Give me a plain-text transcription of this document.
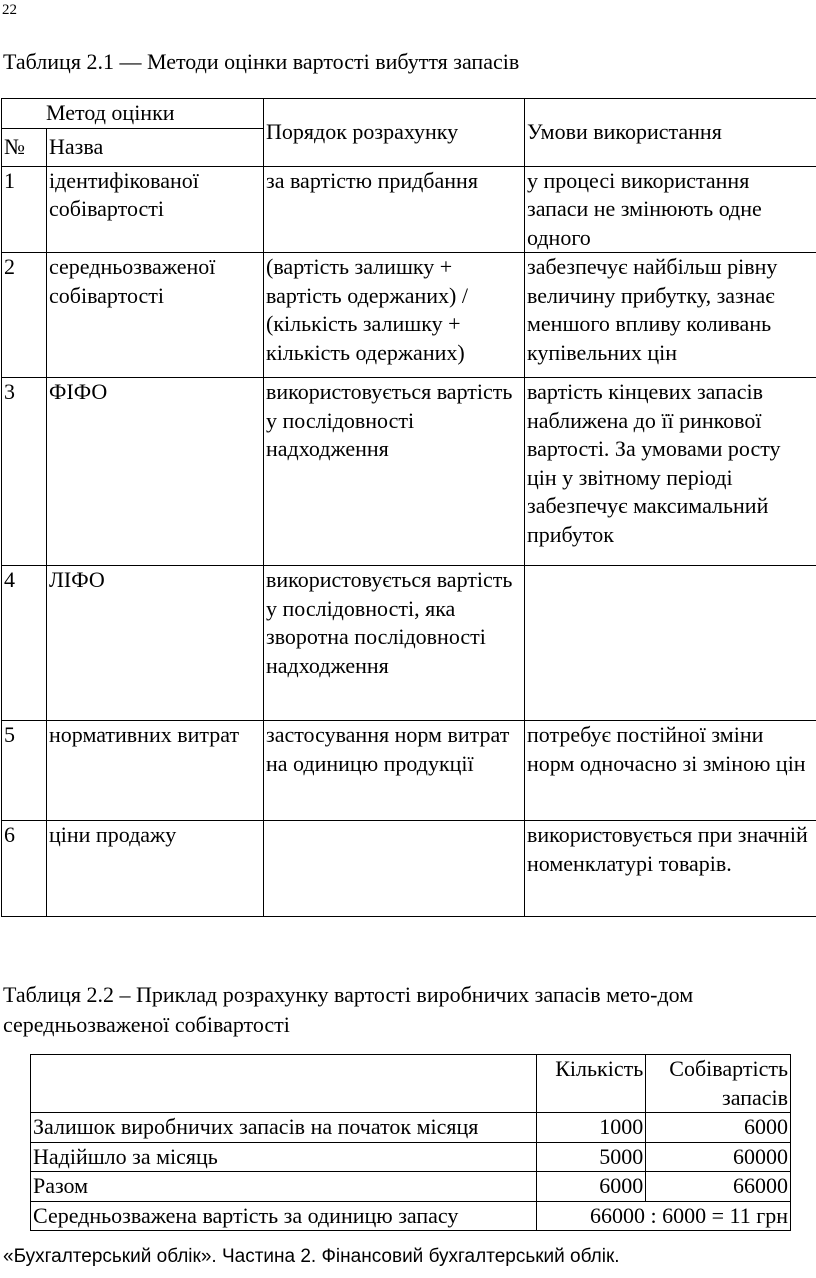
22

Таблиця 2.1 — Методи оцінки вартості вибуття запасів

Метод оцінки		Порядок розрахунку	Умови використання
№	Назва		
1	ідентифікованої собівартості	за вартістю придбання	у процесі використання запаси не змінюють одне одного
2	середньозваженої собівартості	(вартість залишку + вартість одержаних) / (кількість залишку + кількість одержаних)	забезпечує найбільш рівну величину прибутку, зазнає меншого впливу коливань купівельних цін
3	ФІФО	використовується вартість у послідовності надходження	вартість кінцевих запасів наближена до її ринкової вартості. За умовами росту цін у звітному періоді забезпечує максимальний прибуток
4	ЛІФО	використовується вартість у послідовності, яка зворотна послідовності надходження	
5	нормативних витрат	застосування норм витрат на одиницю продукції	потребує постійної зміни норм одночасно зі зміною цін
6	ціни продажу		використовується при значній номенклатурі товарів.

Таблиця 2.2 – Приклад розрахунку вартості виробничих запасів мето-дом середньозваженої собівартості

	Кількість	Собівартість запасів
Залишок виробничих запасів на початок місяця	1000	6000
Надійшло за місяць	5000	60000
Разом	6000	66000
Середньозважена вартість за одиницю запасу	66000 : 6000 = 11 грн	
«Бухгалтерський облік». Частина 2. Фінансовий бухгалтерський облік.
